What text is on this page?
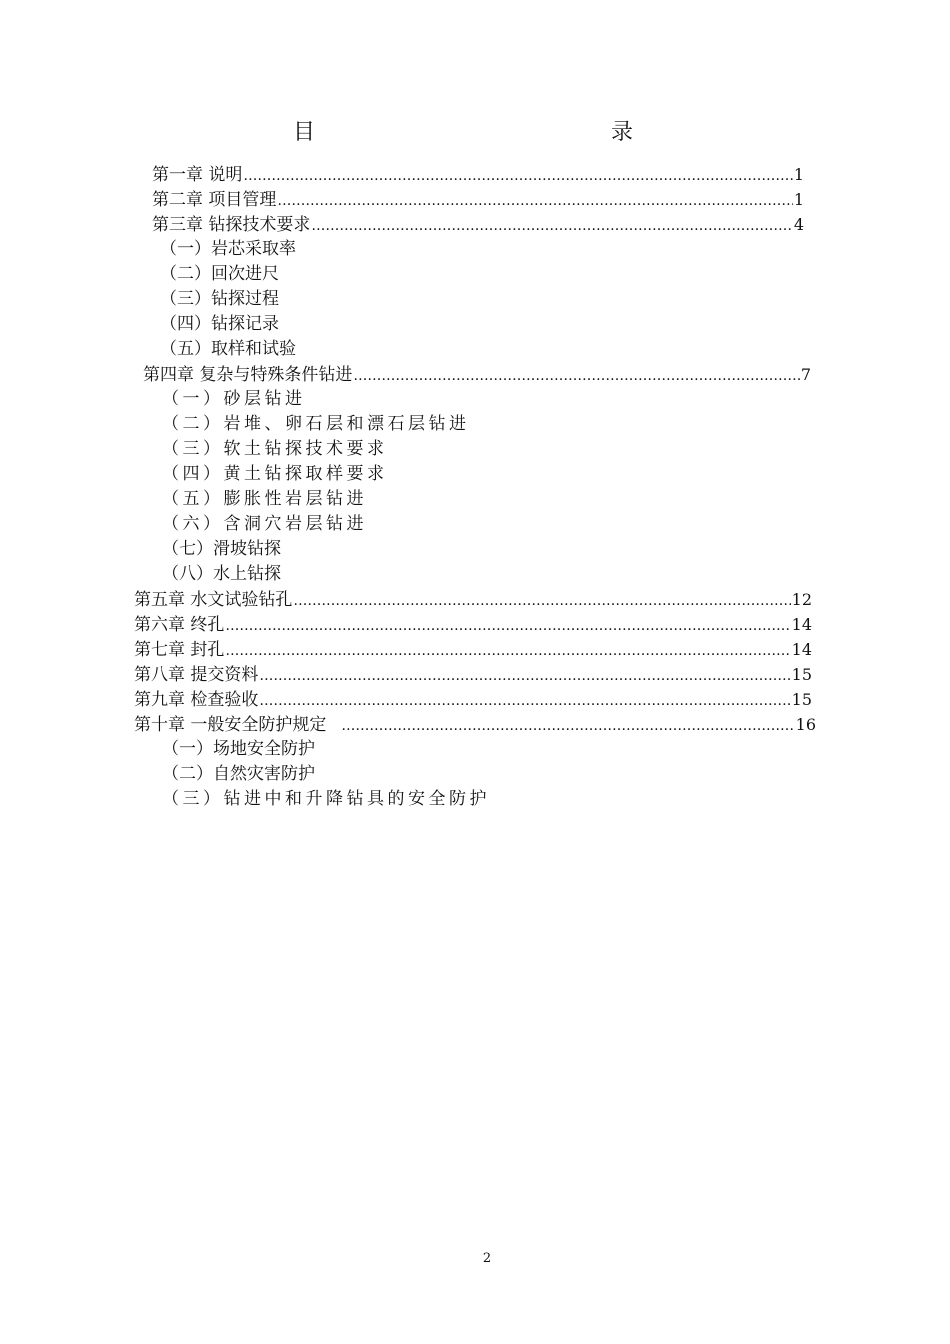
目　　录
第一章 说明 …………………………………………………………………………………………………………………………………………………………………………………………………………………………………	1
第二章 项目管理 …………………………………………………………………………………………………………………………………………………………………………………………………………………………………	1
第三章 钻探技术要求 …………………………………………………………………………………………………………………………………………………………………………………………………………………………………	4
（一）岩芯采取率
（二）回次进尺
（三）钻探过程
（四）钻探记录
（五）取样和试验
第四章 复杂与特殊条件钻进 …………………………………………………………………………………………………………………………………………………………………………………………………………………………………	7
（一）砂层钻进
（二）岩堆、卵石层和漂石层钻进
（三）软土钻探技术要求
（四）黄土钻探取样要求
（五）膨胀性岩层钻进
（六）含洞穴岩层钻进
（七）滑坡钻探
（八）水上钻探
第五章 水文试验钻孔 …………………………………………………………………………………………………………………………………………………………………………………………………………………………………	12
第六章 终孔 …………………………………………………………………………………………………………………………………………………………………………………………………………………………………	14
第七章 封孔 …………………………………………………………………………………………………………………………………………………………………………………………………………………………………	14
第八章 提交资料 …………………………………………………………………………………………………………………………………………………………………………………………………………………………………	15
第九章 检查验收 …………………………………………………………………………………………………………………………………………………………………………………………………………………………………	15
第十章 一般安全防护规定 …………………………………………………………………………………………………………………………………………………………………………………………………………………………………	16
（一）场地安全防护
（二）自然灾害防护
（三）钻进中和升降钻具的安全防护
2
